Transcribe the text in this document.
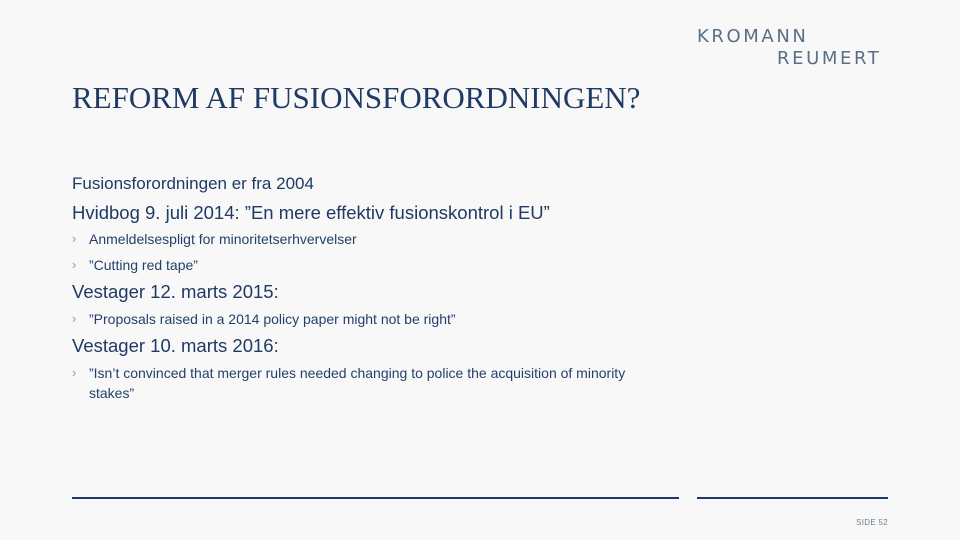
KROMANN
REUMERT
REFORM AF FUSIONSFORORDNINGEN?
Fusionsforordningen er fra 2004
Hvidbog 9. juli 2014: ”En mere effektiv fusionskontrol i EU”
› Anmeldelsespligt for minoritetserhvervelser
› ”Cutting red tape”
Vestager 12. marts 2015:
› ”Proposals raised in a 2014 policy paper might not be right”
Vestager 10. marts 2016:
› ”Isn’t convinced that merger rules needed changing to police the acquisition of minority stakes”
SIDE 52
